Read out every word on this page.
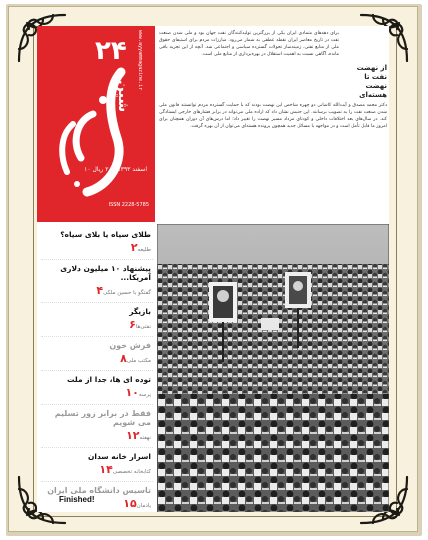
۲۴
شین
۱۰ اسفند ۱۳۹۳ / ۲۰ ریال
ISSN 2228-5785
www.ayyammagazine.ir
طلای سیاه یا بلای سیاه؟
طلیعه۲
پیشنهاد ۱۰ میلیون دلاری آمریکا...
گفتگو با حسین ملکی۴
بازیگر
نفتی‌ها۶
فرش خون
مکتب ملی۸
توده ای ها، جدا از ملت
پرسه۱۰
فقط در برابر زور تسلیم می شویم
نهفته۱۲
اسرار خانه سدان
کتابخانه تخصصی۱۴
تاسیس دانشگاه ملی ایران
یادمان۱۵
Finished!
از نهضت نفت تا نهضت هسته‌ای
برای دهه‌های متمادی ایران یکی از بزرگترین تولیدکنندگان نفت جهان بود و ملی شدن صنعت نفت در تاریخ معاصر ایران نقطه عطفی به شمار می‌رود. مبارزات مردم برای استیفای حقوق ملی از منابع نفتی، زمینه‌ساز تحولات گسترده سیاسی و اجتماعی شد. آنچه از این تجربه باقی مانده، آگاهی نسبت به اهمیت استقلال در بهره‌برداری از منابع ملی است.
دکتر محمد مصدق و آیت‌الله کاشانی دو چهره شاخص این نهضت بودند که با حمایت گسترده مردم توانستند قانون ملی شدن صنعت نفت را به تصویب برسانند. این جنبش نشان داد که اراده ملی می‌تواند در برابر فشارهای خارجی ایستادگی کند. در سال‌های بعد اختلافات داخلی و کودتای مرداد مسیر نهضت را تغییر داد؛ اما درس‌های آن دوران همچنان برای امروز ما قابل تأمل است و در مواجهه با مسائل جدید همچون پرونده هسته‌ای می‌توان از آن بهره گرفت.
